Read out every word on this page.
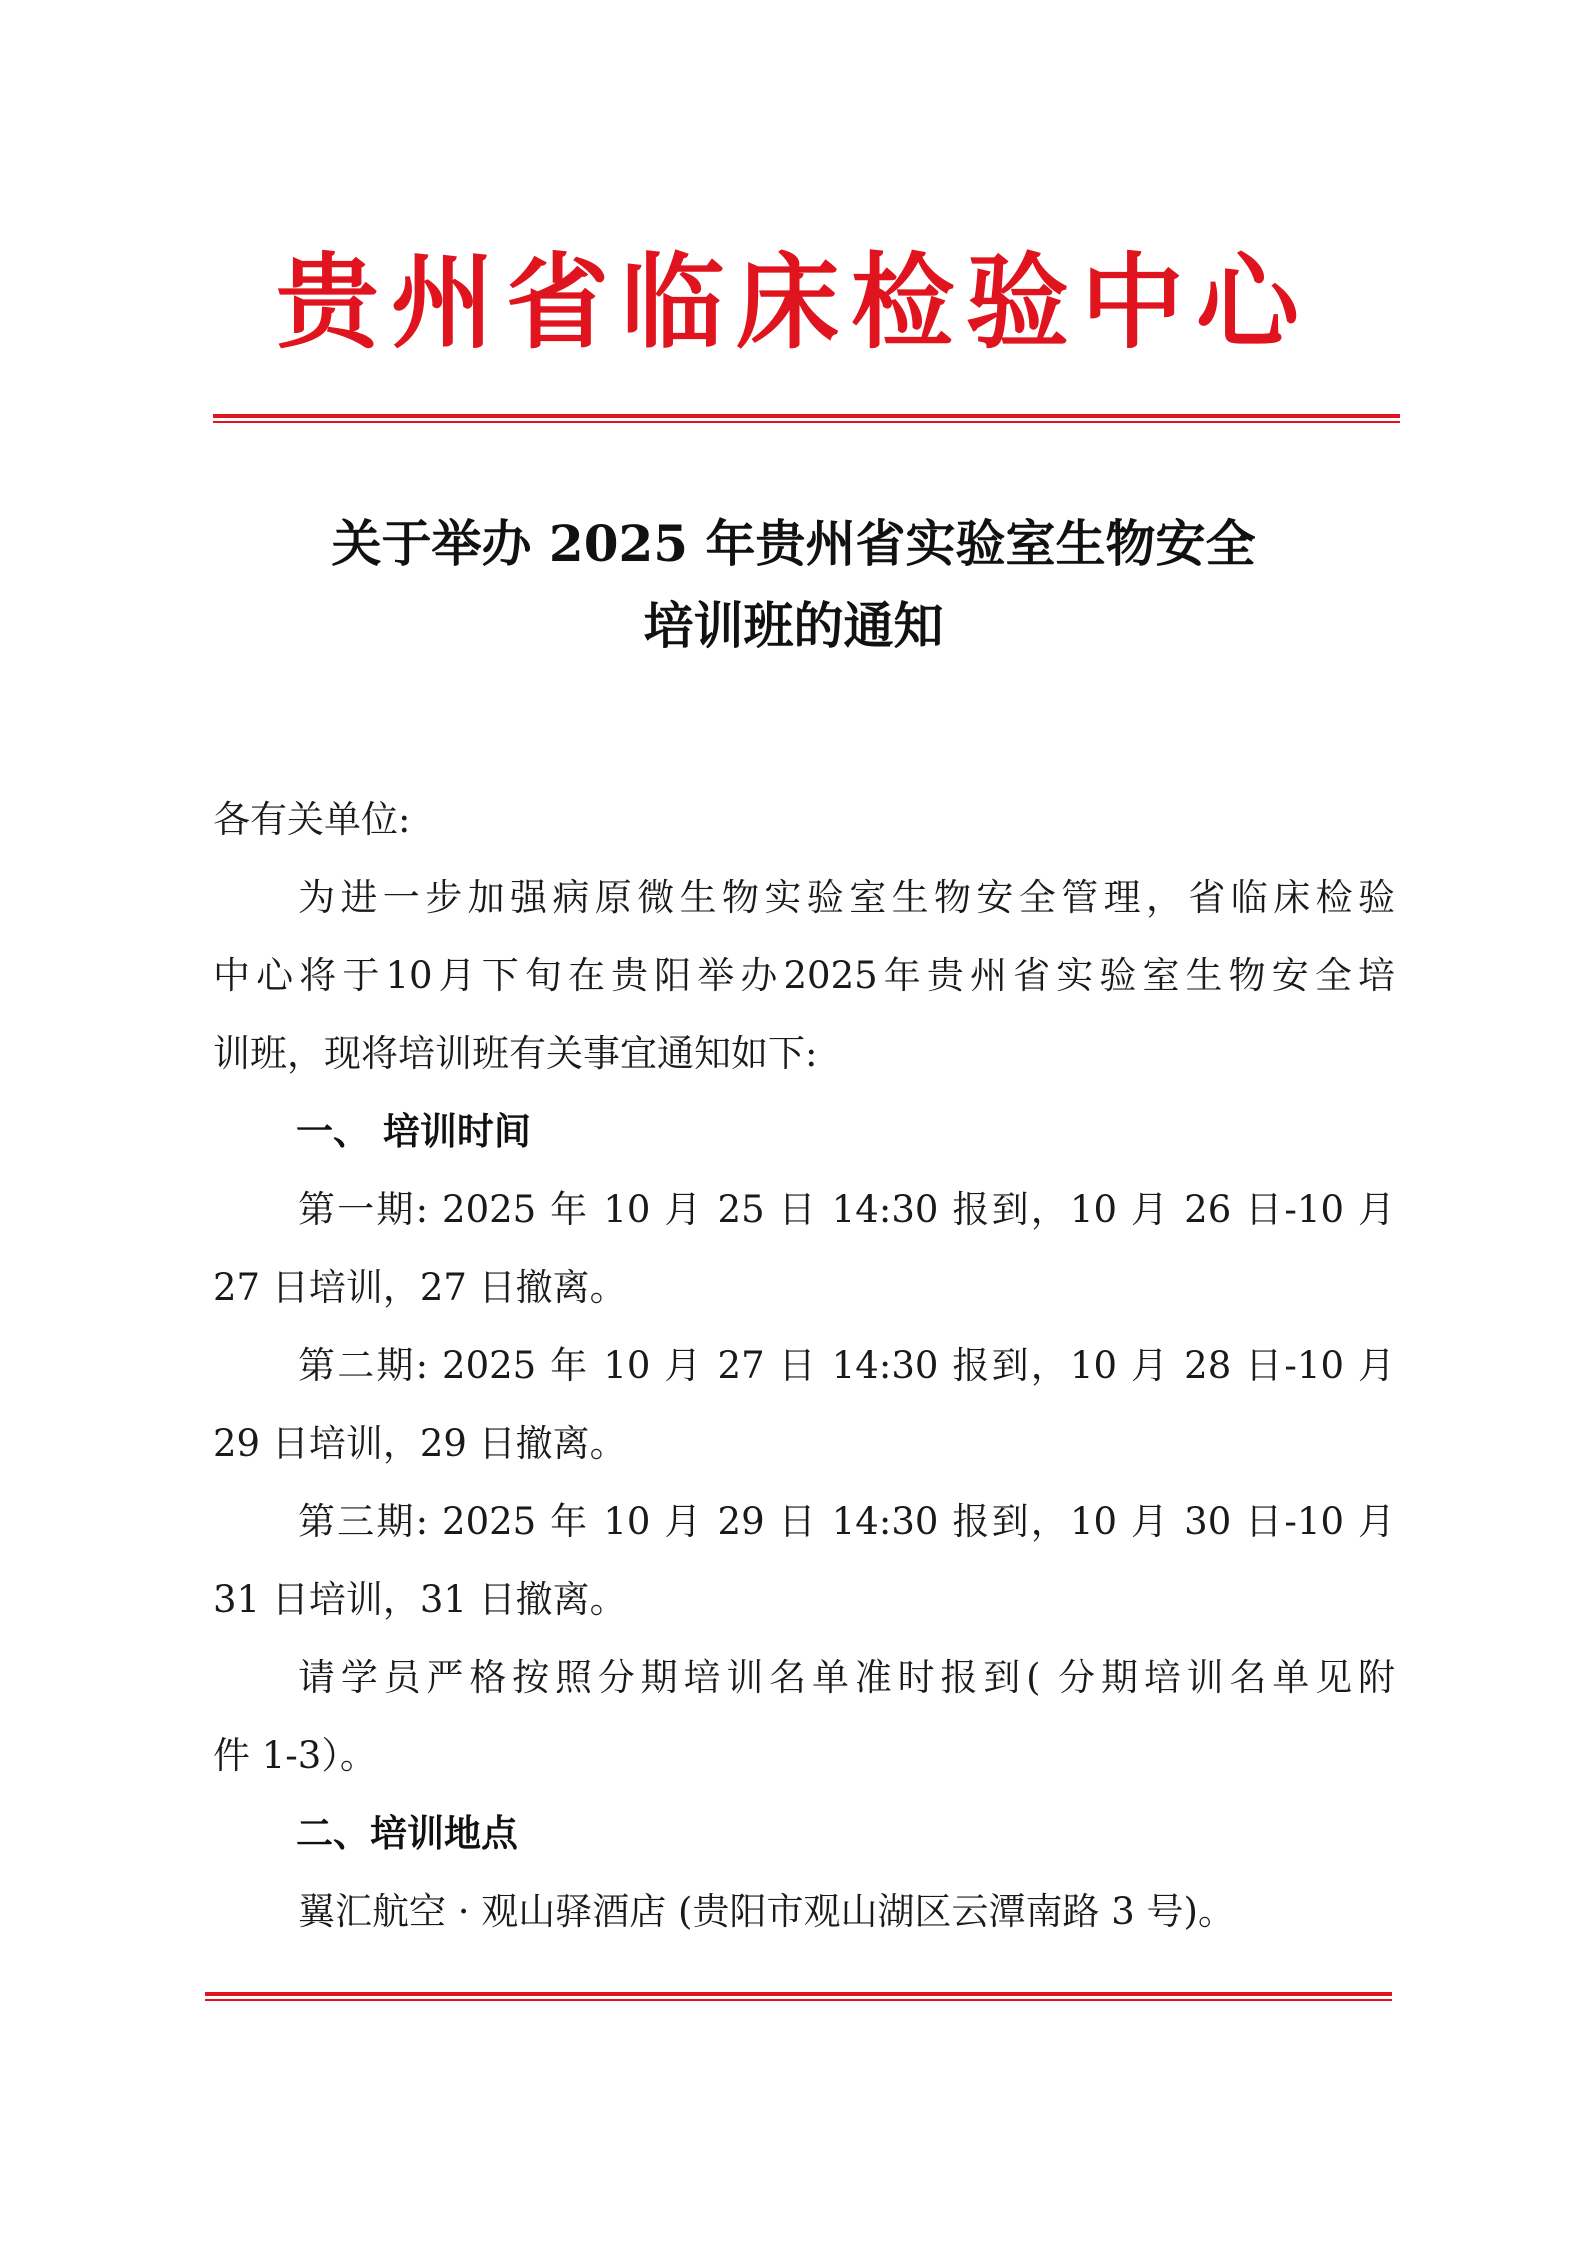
贵州省临床检验中心
关于举办 2025 年贵州省实验室生物安全
培训班的通知
各有关单位:
为进一步加强病原微生物实验室生物安全管理，省临床检验
中心将于10月下旬在贵阳举办2025年贵州省实验室生物安全培
训班，现将培训班有关事宜通知如下:
一、 培训时间
第一期: 2025 年 10 月 25 日 14:30 报到，10 月 26 日-10 月
27 日培训，27 日撤离。
第二期: 2025 年 10 月 27 日 14:30 报到，10 月 28 日-10 月
29 日培训，29 日撤离。
第三期: 2025 年 10 月 29 日 14:30 报到，10 月 30 日-10 月
31 日培训，31 日撤离。
请学员严格按照分期培训名单准时报到( 分期培训名单见附
件 1-3）。
二、培训地点
翼汇航空 · 观山驿酒店 (贵阳市观山湖区云潭南路 3 号)。
